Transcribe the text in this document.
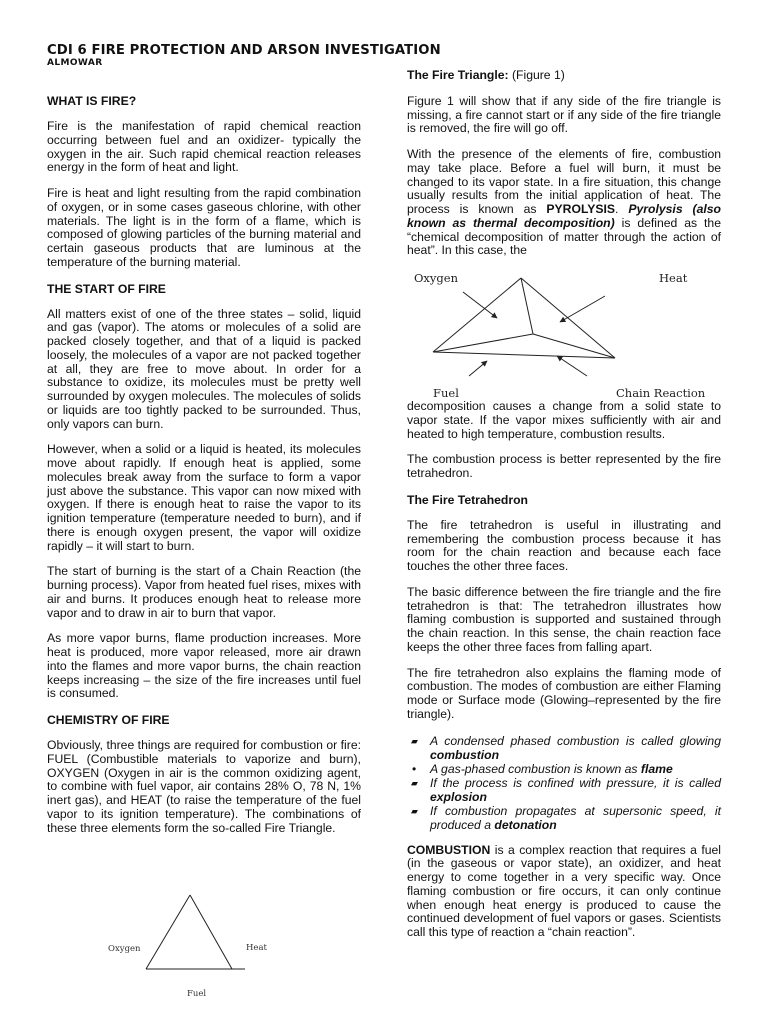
CDI 6 FIRE PROTECTION AND ARSON INVESTIGATION
ALMOWAR
WHAT IS FIRE?

Fire is the manifestation of rapid chemical reaction occurring between fuel and an oxidizer- typically the oxygen in the air. Such rapid chemical reaction releases energy in the form of heat and light.

Fire is heat and light resulting from the rapid combination of oxygen, or in some cases gaseous chlorine, with other materials. The light is in the form of a flame, which is composed of glowing particles of the burning material and certain gaseous products that are luminous at the temperature of the burning material.

THE START OF FIRE

All matters exist of one of the three states – solid, liquid and gas (vapor). The atoms or molecules of a solid are packed closely together, and that of a liquid is packed loosely, the molecules of a vapor are not packed together at all, they are free to move about. In order for a substance to oxidize, its molecules must be pretty well surrounded by oxygen molecules. The molecules of solids or liquids are too tightly packed to be surrounded. Thus, only vapors can burn.

However, when a solid or a liquid is heated, its molecules move about rapidly. If enough heat is applied, some molecules break away from the surface to form a vapor just above the substance. This vapor can now mixed with oxygen. If there is enough heat to raise the vapor to its ignition temperature (temperature needed to burn), and if there is enough oxygen present, the vapor will oxidize rapidly – it will start to burn.

The start of burning is the start of a Chain Reaction (the burning process). Vapor from heated fuel rises, mixes with air and burns. It produces enough heat to release more vapor and to draw in air to burn that vapor.

As more vapor burns, flame production increases. More heat is produced, more vapor released, more air drawn into the flames and more vapor burns, the chain reaction keeps increasing – the size of the fire increases until fuel is consumed.

CHEMISTRY OF FIRE

Obviously, three things are required for combustion or fire: FUEL (Combustible materials to vaporize and burn), OXYGEN (Oxygen in air is the common oxidizing agent, to combine with fuel vapor, air contains 28% O, 78 N, 1% inert gas), and HEAT (to raise the temperature of the fuel vapor to its ignition temperature). The combinations of these three elements form the so-called Fire Triangle.

Oxygen	Heat
Fuel

The Fire Triangle: (Figure 1)

Figure 1 will show that if any side of the fire triangle is missing, a fire cannot start or if any side of the fire triangle is removed, the fire will go off.

With the presence of the elements of fire, combustion may take place. Before a fuel will burn, it must be changed to its vapor state. In a fire situation, this change usually results from the initial application of heat. The process is known as PYROLYSIS. Pyrolysis (also known as thermal decomposition) is defined as the “chemical decomposition of matter through the action of heat”. In this case, the

Oxygen	Heat
Fuel	Chain Reaction

decomposition causes a change from a solid state to vapor state. If the vapor mixes sufficiently with air and heated to high temperature, combustion results.

The combustion process is better represented by the fire tetrahedron.

The Fire Tetrahedron

The fire tetrahedron is useful in illustrating and remembering the combustion process because it has room for the chain reaction and because each face touches the other three faces.

The basic difference between the fire triangle and the fire tetrahedron is that: The tetrahedron illustrates how flaming combustion is supported and sustained through the chain reaction. In this sense, the chain reaction face keeps the other three faces from falling apart.

The fire tetrahedron also explains the flaming mode of combustion. The modes of combustion are either Flaming mode or Surface mode (Glowing–represented by the fire triangle).

▰ A condensed phased combustion is called glowing combustion
• A gas-phased combustion is known as flame
▰ If the process is confined with pressure, it is called explosion
▰ If combustion propagates at supersonic speed, it produced a detonation

COMBUSTION is a complex reaction that requires a fuel (in the gaseous or vapor state), an oxidizer, and heat energy to come together in a very specific way. Once flaming combustion or fire occurs, it can only continue when enough heat energy is produced to cause the continued development of fuel vapors or gases. Scientists call this type of reaction a “chain reaction”.
